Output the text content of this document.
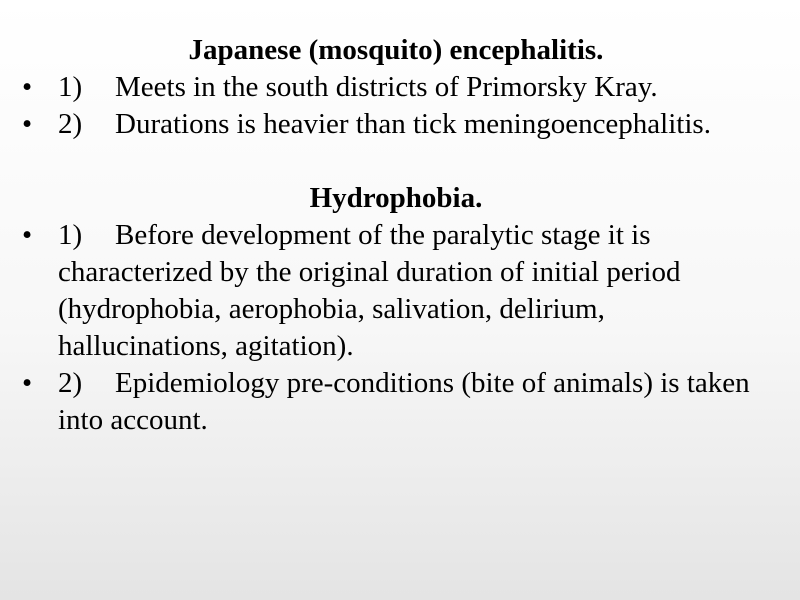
Japanese (mosquito) encephalitis.
• 1) Meets in the south districts of Primorsky Kray.
• 2) Durations is heavier than tick meningoencephalitis.
Hydrophobia.
• 1) Before development of the paralytic stage it is characterized by the original duration of initial period (hydrophobia, aerophobia, salivation, delirium, hallucinations, agitation).
• 2) Epidemiology pre-conditions (bite of animals) is taken into account.
